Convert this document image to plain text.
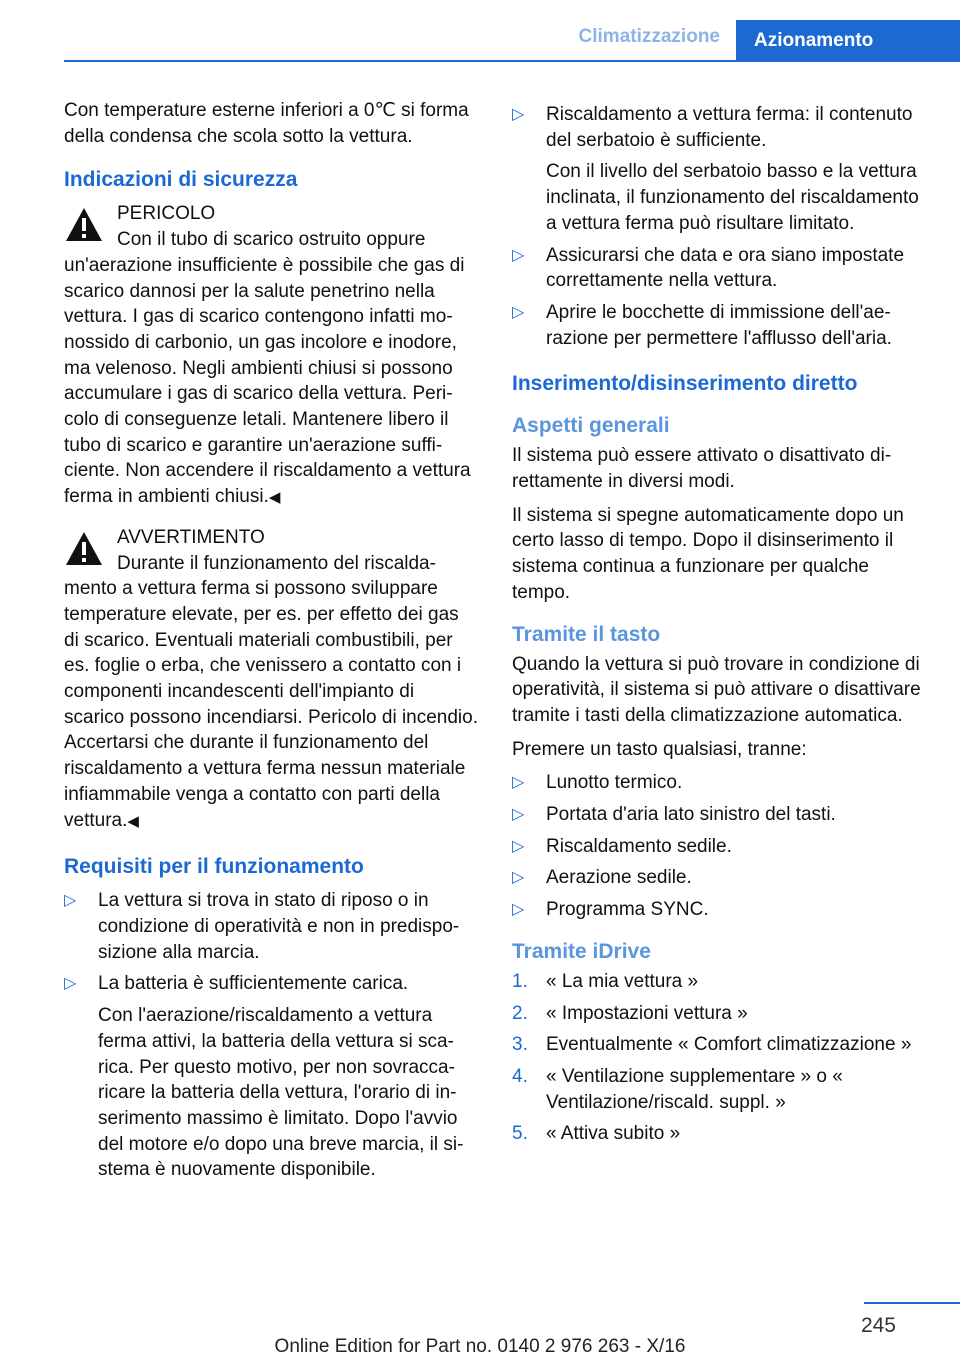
Climatizzazione Azionamento

Con temperature esterne inferiori a 0℃ si forma della condensa che scola sotto la vettura.

Indicazioni di sicurezza
PERICOLO
Con il tubo di scarico ostruito oppure

un'aerazione insufficiente è possibile che gas di scarico dannosi per la salute penetrino nella vettura. I gas di scarico contengono infatti monossido di carbonio, un gas incolore e inodore, ma velenoso. Negli ambienti chiusi si possono accumulare i gas di scarico della vettura. Pericolo di conseguenze letali. Mantenere libero il tubo di scarico e garantire un'aerazione sufficiente. Non accendere il riscaldamento a vettura ferma in ambienti chiusi.◀

AVVERTIMENTO
Durante il funzionamento del riscalda-

mento a vettura ferma si possono sviluppare temperature elevate, per es. per effetto dei gas di scarico. Eventuali materiali combustibili, per es. foglie o erba, che venissero a contatto con i componenti incandescenti dell'impianto di scarico possono incendiarsi. Pericolo di incendio. Accertarsi che durante il funzionamento del riscaldamento a vettura ferma nessun materiale infiammabile venga a contatto con parti della vettura.◀

Requisiti per il funzionamento
▷	La vettura si trova in stato di riposo o in condizione di operatività e non in predisposizione alla marcia.

▷	La batteria è sufficientemente carica.

Con l'aerazione/riscaldamento a vettura ferma attivi, la batteria della vettura si scarica. Per questo motivo, per non sovraccaricare la batteria della vettura, l'orario di inserimento massimo è limitato. Dopo l'avvio del motore e/o dopo una breve marcia, il sistema è nuovamente disponibile.

▷	Riscaldamento a vettura ferma: il contenuto del serbatoio è sufficiente.

Con il livello del serbatoio basso e la vettura inclinata, il funzionamento del riscaldamento a vettura ferma può risultare limitato.

▷	Assicurarsi che data e ora siano impostate correttamente nella vettura.

▷	Aprire le bocchette di immissione dell'aerazione per permettere l'afflusso dell'aria.

Inserimento/disinserimento diretto
Aspetti generali

Il sistema può essere attivato o disattivato direttamente in diversi modi.

Il sistema si spegne automaticamente dopo un certo lasso di tempo. Dopo il disinserimento il sistema continua a funzionare per qualche tempo.

Tramite il tasto

Quando la vettura si può trovare in condizione di operatività, il sistema si può attivare o disattivare tramite i tasti della climatizzazione automatica.

Premere un tasto qualsiasi, tranne:

▷	Lunotto termico.

▷	Portata d'aria lato sinistro del tasti.

▷	Riscaldamento sedile.

▷	Aerazione sedile.

▷	Programma SYNC.

Tramite iDrive
1. « La mia vettura »

2. « Impostazioni vettura »

3. Eventualmente « Comfort climatizzazione »

4. « Ventilazione supplementare » o « Ventilazione/riscald. suppl. »

5. « Attiva subito »

245
Online Edition for Part no. 0140 2 976 263 - X/16
